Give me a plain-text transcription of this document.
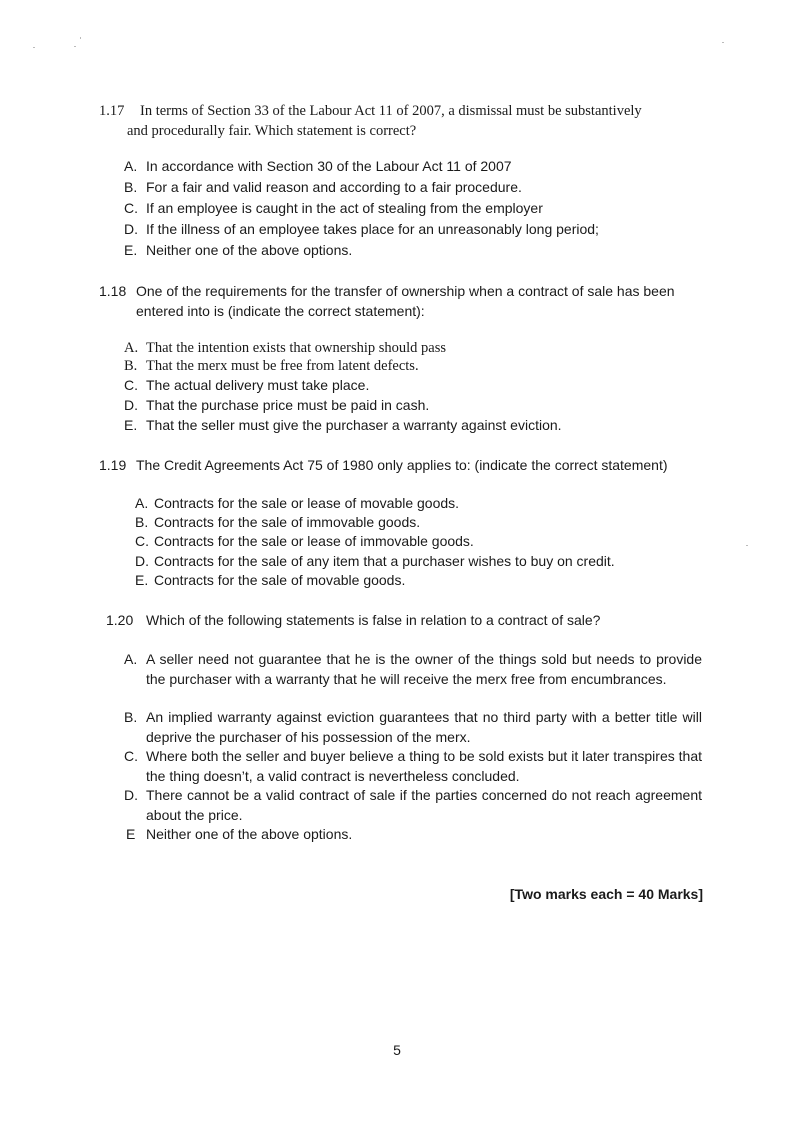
1.17 In terms of Section 33 of the Labour Act 11 of 2007, a dismissal must be substantively
and procedurally fair. Which statement is correct?
A. In accordance with Section 30 of the Labour Act 11 of 2007
B. For a fair and valid reason and according to a fair procedure.
C. If an employee is caught in the act of stealing from the employer
D. If the illness of an employee takes place for an unreasonably long period;
E. Neither one of the above options.
1.18 One of the requirements for the transfer of ownership when a contract of sale has been
entered into is (indicate the correct statement):
A. That the intention exists that ownership should pass
B. That the merx must be free from latent defects.
C. The actual delivery must take place.
D. That the purchase price must be paid in cash.
E. That the seller must give the purchaser a warranty against eviction.
1.19 The Credit Agreements Act 75 of 1980 only applies to: (indicate the correct statement)
A. Contracts for the sale or lease of movable goods.
B. Contracts for the sale of immovable goods.
C. Contracts for the sale or lease of immovable goods.
D. Contracts for the sale of any item that a purchaser wishes to buy on credit.
E. Contracts for the sale of movable goods.
1.20 Which of the following statements is false in relation to a contract of sale?
A. A seller need not guarantee that he is the owner of the things sold but needs to provide the purchaser with a warranty that he will receive the merx free from encumbrances.
B. An implied warranty against eviction guarantees that no third party with a better title will deprive the purchaser of his possession of the merx.
C. Where both the seller and buyer believe a thing to be sold exists but it later transpires that the thing doesn’t, a valid contract is nevertheless concluded.
D. There cannot be a valid contract of sale if the parties concerned do not reach agreement about the price.
E Neither one of the above options.
[Two marks each = 40 Marks]
5
